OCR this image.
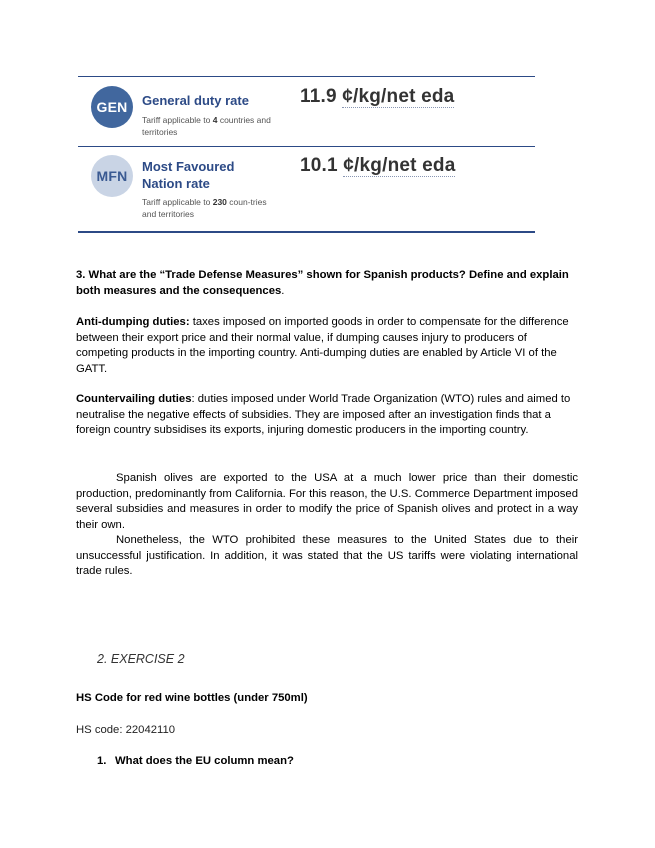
GEN	General duty rate
Tariff applicable to 4 countries and territories
11.9 ¢/kg/net eda
MFN
Most Favoured Nation rate
Tariff applicable to 230 coun-tries and territories
10.1 ¢/kg/net eda

3. What are the “Trade Defense Measures” shown for Spanish products? Define and explain both measures and the consequences.

Anti-dumping duties: taxes imposed on imported goods in order to compensate for the difference between their export price and their normal value, if dumping causes injury to producers of competing products in the importing country. Anti-dumping duties are enabled by Article VI of the GATT.

Countervailing duties: duties imposed under World Trade Organization (WTO) rules and aimed to neutralise the negative effects of subsidies. They are imposed after an investigation finds that a foreign country subsidises its exports, injuring domestic producers in the importing country.

Spanish olives are exported to the USA at a much lower price than their domestic production, predominantly from California. For this reason, the U.S. Commerce Department imposed several subsidies and measures in order to modify the price of Spanish olives and protect in a way their own.

Nonetheless, the WTO prohibited these measures to the United States due to their unsuccessful justification. In addition, it was stated that the US tariffs were violating international trade rules.

2. EXERCISE 2
HS Code for red wine bottles (under 750ml)
HS code: 22042110
1. What does the EU column mean?
